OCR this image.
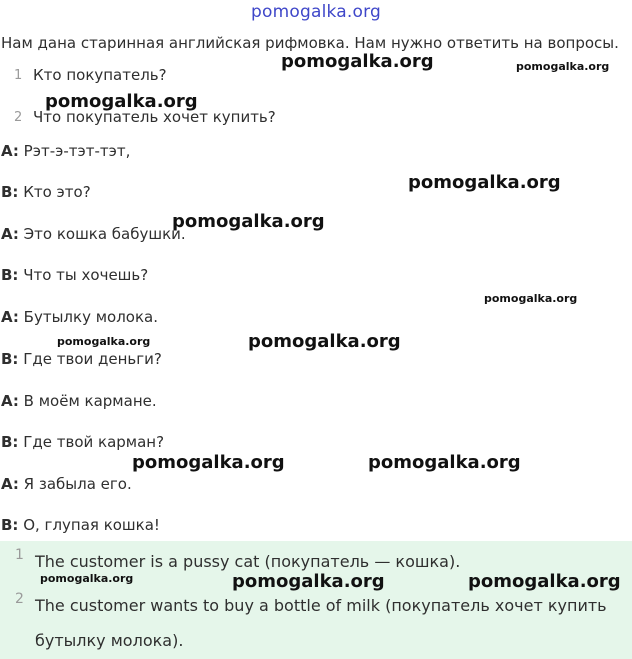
pomogalka.org
Нам дана старинная английская рифмовка. Нам нужно ответить на вопросы.
1 Кто покупатель?
2 Что покупатель хочет купить?
A: Рэт-э-тэт-тэт,
B: Кто это?
A: Это кошка бабушки.
B: Что ты хочешь?
A: Бутылку молока.
B: Где твои деньги?
A: В моём кармане.
B: Где твой карман?
A: Я забыла его.
B: О, глупая кошка!
1 The customer is a pussy cat (покупатель — кошка).
2 The customer wants to buy a bottle of milk (покупатель хочет купить бутылку молока).
pomogalka.org	pomogalka.org
pomogalka.org
pomogalka.org
pomogalka.org
pomogalka.org
pomogalka.org
pomogalka.org
pomogalka.org	pomogalka.org
pomogalka.org	pomogalka.org	pomogalka.org
